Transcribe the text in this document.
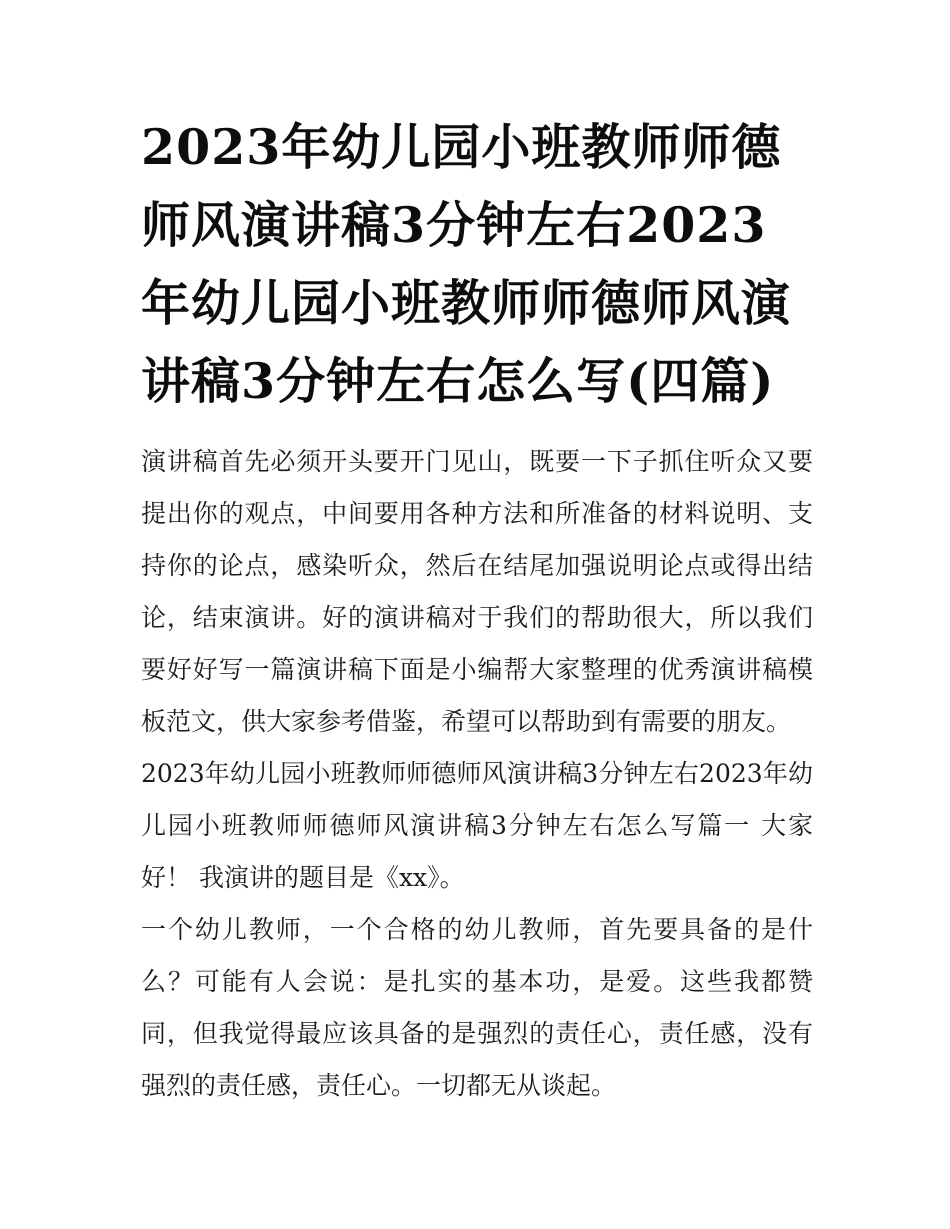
2023年幼儿园小班教师师德师风演讲稿3分钟左右2023年幼儿园小班教师师德师风演讲稿3分钟左右怎么写(四篇)

演讲稿首先必须开头要开门见山，既要一下子抓住听众又要提出你的观点，中间要用各种方法和所准备的材料说明、支持你的论点，感染听众，然后在结尾加强说明论点或得出结论，结束演讲。好的演讲稿对于我们的帮助很大，所以我们要好好写一篇演讲稿下面是小编帮大家整理的优秀演讲稿模板范文，供大家参考借鉴，希望可以帮助到有需要的朋友。

2023年幼儿园小班教师师德师风演讲稿3分钟左右2023年幼儿园小班教师师德师风演讲稿3分钟左右怎么写篇一 大家好！ 我演讲的题目是《xx》。

一个幼儿教师，一个合格的幼儿教师，首先要具备的是什么？可能有人会说：是扎实的基本功，是爱。这些我都赞同，但我觉得最应该具备的是强烈的责任心，责任感，没有强烈的责任感，责任心。一切都无从谈起。
